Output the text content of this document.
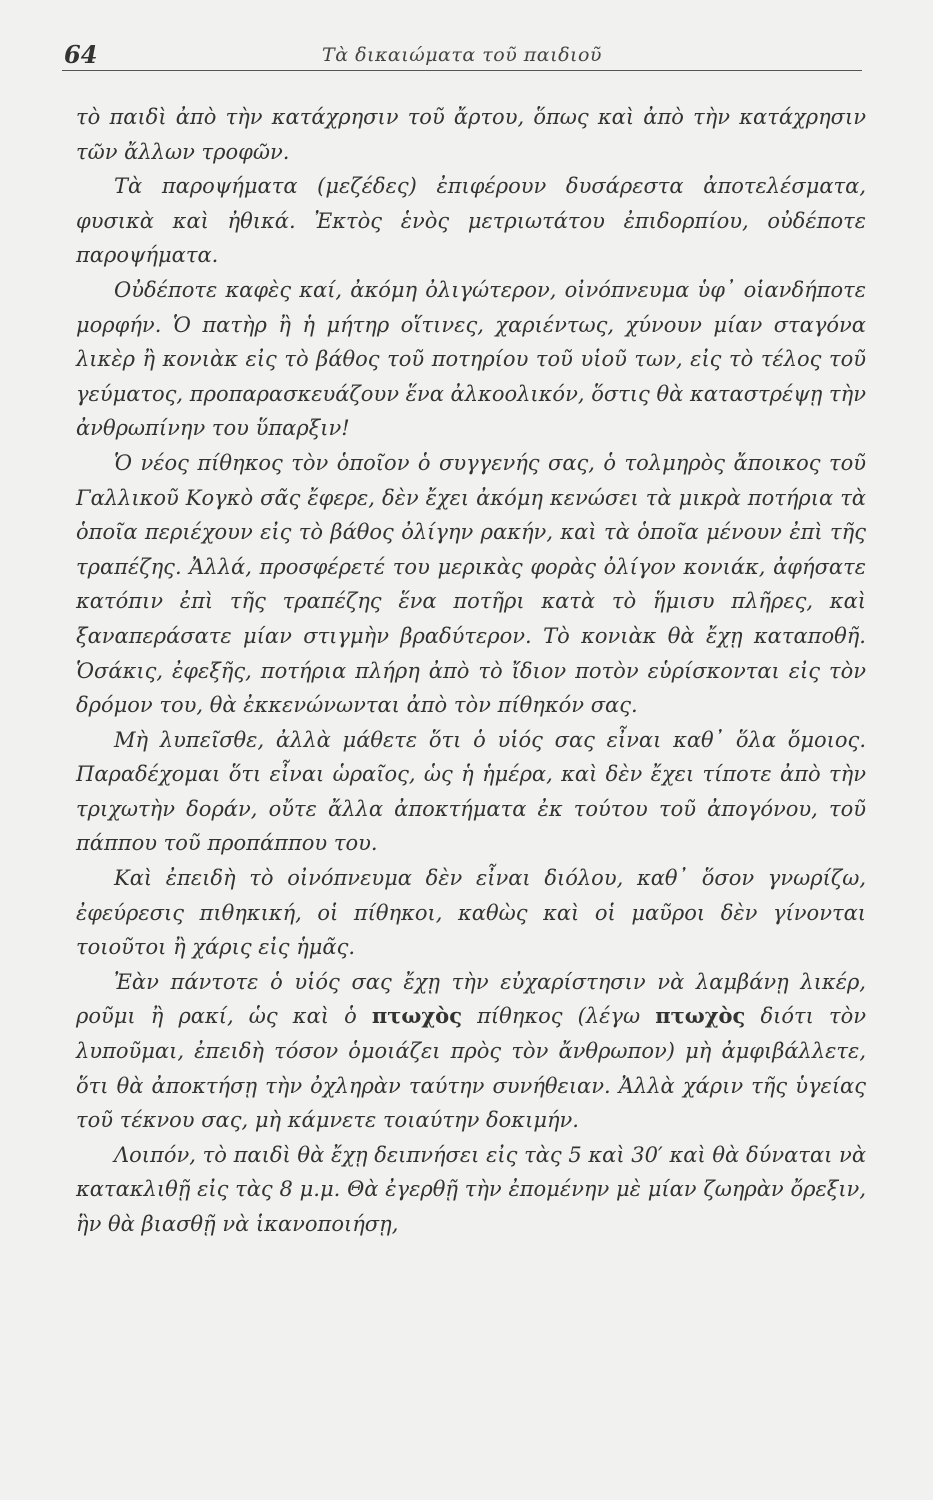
64	Τὰ δικαιώματα τοῦ παιδιοῦ

τὸ παιδὶ ἀπὸ τὴν κατάχρησιν τοῦ ἄρτου, ὅπως καὶ ἀπὸ τὴν κατάχρησιν τῶν ἄλλων τροφῶν.

Τὰ παροψήματα (μεζέδες) ἐπιφέρουν δυσάρεστα ἀποτελέσματα, φυσικὰ καὶ ἠθικά. Ἐκτὸς ἑνὸς μετριωτάτου ἐπιδορπίου, οὐδέποτε παροψήματα.

Οὐδέποτε καφὲς καί, ἀκόμη ὀλιγώτερον, οἰνόπνευμα ὑφ᾽ οἱανδήποτε μορφήν. Ὁ πατὴρ ἢ ἡ μήτηρ οἵτινες, χαριέντως, χύνουν μίαν σταγόνα λικὲρ ἢ κονιὰκ εἰς τὸ βάθος τοῦ ποτηρίου τοῦ υἱοῦ των, εἰς τὸ τέλος τοῦ γεύματος, προπαρασκευάζουν ἕνα ἀλκοολικόν, ὅστις θὰ καταστρέψῃ τὴν ἀνθρωπίνην του ὕπαρξιν!

Ὁ νέος πίθηκος τὸν ὁποῖον ὁ συγγενής σας, ὁ τολμηρὸς ἄποικος τοῦ Γαλλικοῦ Κογκὸ σᾶς ἔφερε, δὲν ἔχει ἀκόμη κενώσει τὰ μικρὰ ποτήρια τὰ ὁποῖα περιέχουν εἰς τὸ βάθος ὀλίγην ρακήν, καὶ τὰ ὁποῖα μένουν ἐπὶ τῆς τραπέζης. Ἀλλά, προσφέρετέ του μερικὰς φορὰς ὀλίγον κονιάκ, ἀφήσατε κατόπιν ἐπὶ τῆς τραπέζης ἕνα ποτῆρι κατὰ τὸ ἥμισυ πλῆρες, καὶ ξαναπεράσατε μίαν στιγμὴν βραδύτερον. Τὸ κονιὰκ θὰ ἔχῃ καταποθῆ. Ὁσάκις, ἐφεξῆς, ποτήρια πλήρη ἀπὸ τὸ ἴδιον ποτὸν εὑρίσκονται εἰς τὸν δρόμον του, θὰ ἐκκενώνωνται ἀπὸ τὸν πίθηκόν σας.

Μὴ λυπεῖσθε, ἀλλὰ μάθετε ὅτι ὁ υἱός σας εἶναι καθ᾽ ὅλα ὅμοιος. Παραδέχομαι ὅτι εἶναι ὡραῖος, ὡς ἡ ἡμέρα, καὶ δὲν ἔχει τίποτε ἀπὸ τὴν τριχωτὴν δοράν, οὔτε ἄλλα ἀποκτήματα ἐκ τούτου τοῦ ἀπογόνου, τοῦ πάππου τοῦ προπάππου του.

Καὶ ἐπειδὴ τὸ οἰνόπνευμα δὲν εἶναι διόλου, καθ᾽ ὅσον γνωρίζω, ἐφεύρεσις πιθηκική, οἱ πίθηκοι, καθὼς καὶ οἱ μαῦροι δὲν γίνονται τοιοῦτοι ἢ χάρις εἰς ἡμᾶς.

Ἐὰν πάντοτε ὁ υἱός σας ἔχῃ τὴν εὐχαρίστησιν νὰ λαμβάνῃ λικέρ, ροῦμι ἢ ρακί, ὡς καὶ ὁ πτωχὸς πίθηκος (λέγω πτωχὸς διότι τὸν λυποῦμαι, ἐπειδὴ τόσον ὁμοιάζει πρὸς τὸν ἄνθρωπον) μὴ ἀμφιβάλλετε, ὅτι θὰ ἀποκτήσῃ τὴν ὀχληρὰν ταύτην συνήθειαν. Ἀλλὰ χάριν τῆς ὑγείας τοῦ τέκνου σας, μὴ κάμνετε τοιαύτην δοκιμήν.

Λοιπόν, τὸ παιδὶ θὰ ἔχῃ δειπνήσει εἰς τὰς 5 καὶ 30′ καὶ θὰ δύναται νὰ κατακλιθῇ εἰς τὰς 8 μ.μ. Θὰ ἐγερθῇ τὴν ἐπομένην μὲ μίαν ζωηρὰν ὄρεξιν, ἣν θὰ βιασθῇ νὰ ἱκανοποιήσῃ,
